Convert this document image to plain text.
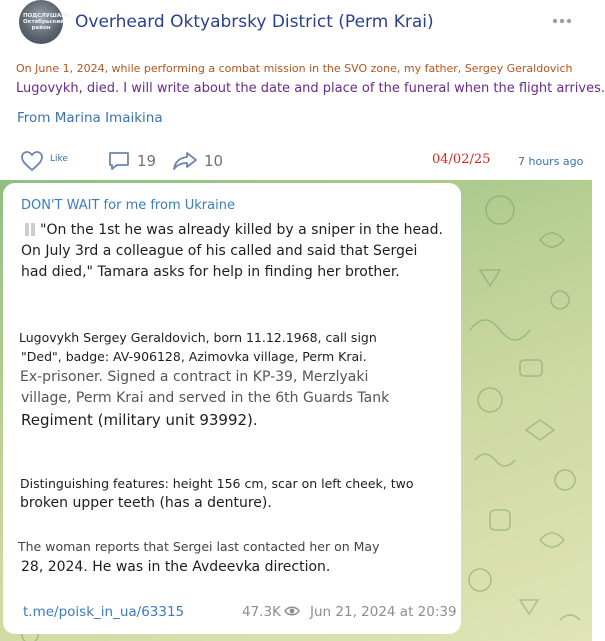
ПОДСЛУШАНО Октябрьский район	Overheard Oktyabrsky District (Perm Krai)
On June 1, 2024, while performing a combat mission in the SVO zone, my father, Sergey Geraldovich
Lugovykh, died. I will write about the date and place of the funeral when the flight arrives.
From Marina Imaikina
Like	19	10	04/02/25	7 hours ago
DON'T WAIT for me from Ukraine
"On the 1st he was already killed by a sniper in the head.
On July 3rd a colleague of his called and said that Sergei
had died," Tamara asks for help in finding her brother.
Lugovykh Sergey Geraldovich, born 11.12.1968, call sign
"Ded", badge: AV-906128, Azimovka village, Perm Krai.
Ex-prisoner. Signed a contract in KP-39, Merzlyaki
village, Perm Krai and served in the 6th Guards Tank
Regiment (military unit 93992).
Distinguishing features: height 156 cm, scar on left cheek, two
broken upper teeth (has a denture).
The woman reports that Sergei last contacted her on May
28, 2024. He was in the Avdeevka direction.
t.me/poisk_in_ua/63315	47.3K Jun 21, 2024 at 20:39
